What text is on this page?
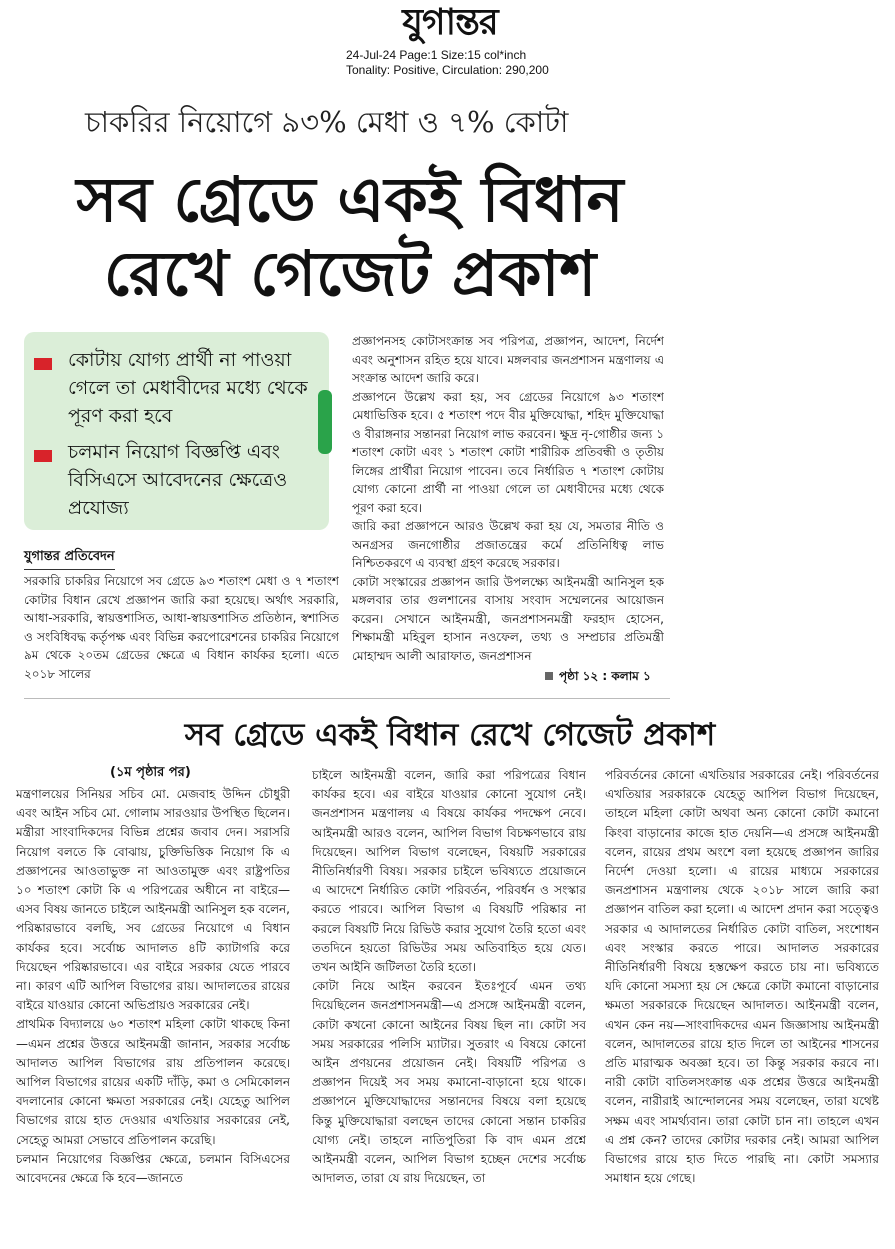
যুগান্তর
24-Jul-24 Page:1 Size:15 col*inch
Tonality: Positive, Circulation: 290,200
চাকরির নিয়োগে ৯৩% মেধা ও ৭% কোটা
সব গ্রেডে একই বিধান
রেখে গেজেট প্রকাশ
কোটায় যোগ্য প্রার্থী না পাওয়া গেলে তা মেধাবীদের মধ্যে থেকে পূরণ করা হবে
চলমান নিয়োগ বিজ্ঞপ্তি এবং বিসিএসে আবেদনের ক্ষেত্রেও প্রযোজ্য
যুগান্তর প্রতিবেদন

সরকারি চাকরির নিয়োগে সব গ্রেডে ৯৩ শতাংশ মেধা ও ৭ শতাংশ কোটার বিধান রেখে প্রজ্ঞাপন জারি করা হয়েছে। অর্থাৎ সরকারি, আধা-সরকারি, স্বায়ত্তশাসিত, আধা-স্বায়ত্তশাসিত প্রতিষ্ঠান, স্বশাসিত ও সংবিধিবদ্ধ কর্তৃপক্ষ এবং বিভিন্ন করপোরেশনের চাকরির নিয়োগে ৯ম থেকে ২০তম গ্রেডের ক্ষেত্রে এ বিধান কার্যকর হলো। এতে ২০১৮ সালের

প্রজ্ঞাপনসহ কোটাসংক্রান্ত সব পরিপত্র, প্রজ্ঞাপন, আদেশ, নির্দেশ এবং অনুশাসন রহিত হয়ে যাবে। মঙ্গলবার জনপ্রশাসন মন্ত্রণালয় এ সংক্রান্ত আদেশ জারি করে।

প্রজ্ঞাপনে উল্লেখ করা হয়, সব গ্রেডের নিয়োগে ৯৩ শতাংশ মেধাভিত্তিক হবে। ৫ শতাংশ পদে বীর মুক্তিযোদ্ধা, শহিদ মুক্তিযোদ্ধা ও বীরাঙ্গনার সন্তানরা নিয়োগ লাভ করবেন। ক্ষুদ্র নৃ-গোষ্ঠীর জন্য ১ শতাংশ কোটা এবং ১ শতাংশ কোটা শারীরিক প্রতিবন্ধী ও তৃতীয় লিঙ্গের প্রার্থীরা নিয়োগ পাবেন। তবে নির্ধারিত ৭ শতাংশ কোটায় যোগ্য কোনো প্রার্থী না পাওয়া গেলে তা মেধাবীদের মধ্যে থেকে পূরণ করা হবে।

জারি করা প্রজ্ঞাপনে আরও উল্লেখ করা হয় যে, সমতার নীতি ও অনগ্রসর জনগোষ্ঠীর প্রজাতন্ত্রের কর্মে প্রতিনিধিত্ব লাভ নিশ্চিতকরণে এ ব্যবস্থা গ্রহণ করেছে সরকার।

কোটা সংস্কারের প্রজ্ঞাপন জারি উপলক্ষ্যে আইনমন্ত্রী আনিসুল হক মঙ্গলবার তার গুলশানের বাসায় সংবাদ সম্মেলনের আয়োজন করেন। সেখানে আইনমন্ত্রী, জনপ্রশাসনমন্ত্রী ফরহাদ হোসেন, শিক্ষামন্ত্রী মহিবুল হাসান নওফেল, তথ্য ও সম্প্রচার প্রতিমন্ত্রী মোহাম্মদ আলী আরাফাত, জনপ্রশাসন

পৃষ্ঠা ১২ : কলাম ১
সব গ্রেডে একই বিধান রেখে গেজেট প্রকাশ
(১ম পৃষ্ঠার পর)

মন্ত্রণালয়ের সিনিয়র সচিব মো. মেজবাহ উদ্দিন চৌধুরী এবং আইন সচিব মো. গোলাম সারওয়ার উপস্থিত ছিলেন। মন্ত্রীরা সাংবাদিকদের বিভিন্ন প্রশ্নের জবাব দেন। সরাসরি নিয়োগ বলতে কি বোঝায়, চুক্তিভিত্তিক নিয়োগ কি এ প্রজ্ঞাপনের আওতাভুক্ত না আওতামুক্ত এবং রাষ্ট্রপতির ১০ শতাংশ কোটা কি এ পরিপত্রের অধীনে না বাইরে—এসব বিষয় জানতে চাইলে আইনমন্ত্রী আনিসুল হক বলেন, পরিষ্কারভাবে বলছি, সব গ্রেডের নিয়োগে এ বিধান কার্যকর হবে। সর্বোচ্চ আদালত ৪টি ক্যাটাগরি করে দিয়েছেন পরিষ্কারভাবে। এর বাইরে সরকার যেতে পারবে না। কারণ এটি আপিল বিভাগের রায়। আদালতের রায়ের বাইরে যাওয়ার কোনো অভিপ্রায়ও সরকারের নেই।

প্রাথমিক বিদ্যালয়ে ৬০ শতাংশ মহিলা কোটা থাকছে কিনা—এমন প্রশ্নের উত্তরে আইনমন্ত্রী জানান, সরকার সর্বোচ্চ আদালত আপিল বিভাগের রায় প্রতিপালন করেছে। আপিল বিভাগের রায়ের একটি দাঁড়ি, কমা ও সেমিকোলন বদলানোর কোনো ক্ষমতা সরকারের নেই। যেহেতু আপিল বিভাগের রায়ে হাত দেওয়ার এখতিয়ার সরকারের নেই, সেহেতু আমরা সেভাবে প্রতিপালন করেছি।

চলমান নিয়োগের বিজ্ঞপ্তির ক্ষেত্রে, চলমান বিসিএসের আবেদনের ক্ষেত্রে কি হবে—জানতে

চাইলে আইনমন্ত্রী বলেন, জারি করা পরিপত্রের বিধান কার্যকর হবে। এর বাইরে যাওয়ার কোনো সুযোগ নেই। জনপ্রশাসন মন্ত্রণালয় এ বিষয়ে কার্যকর পদক্ষেপ নেবে। আইনমন্ত্রী আরও বলেন, আপিল বিভাগ বিচক্ষণভাবে রায় দিয়েছেন। আপিল বিভাগ বলেছেন, বিষয়টি সরকারের নীতিনির্ধারণী বিষয়। সরকার চাইলে ভবিষ্যতে প্রয়োজনে এ আদেশে নির্ধারিত কোটা পরিবর্তন, পরিবর্ধন ও সংস্কার করতে পারবে। আপিল বিভাগ এ বিষয়টি পরিষ্কার না করলে বিষয়টি নিয়ে রিভিউ করার সুযোগ তৈরি হতো এবং ততদিনে হয়তো রিভিউর সময় অতিবাহিত হয়ে যেত। তখন আইনি জটিলতা তৈরি হতো।

কোটা নিয়ে আইন করবেন ইতঃপূর্বে এমন তথ্য দিয়েছিলেন জনপ্রশাসনমন্ত্রী—এ প্রসঙ্গে আইনমন্ত্রী বলেন, কোটা কখনো কোনো আইনের বিষয় ছিল না। কোটা সব সময় সরকারের পলিসি ম্যাটার। সুতরাং এ বিষয়ে কোনো আইন প্রণয়নের প্রয়োজন নেই। বিষয়টি পরিপত্র ও প্রজ্ঞাপন দিয়েই সব সময় কমানো-বাড়ানো হয়ে থাকে। প্রজ্ঞাপনে মুক্তিযোদ্ধাদের সন্তানদের বিষয়ে বলা হয়েছে কিন্তু মুক্তিযোদ্ধারা বলছেন তাদের কোনো সন্তান চাকরির যোগ্য নেই। তাহলে নাতিপুতিরা কি বাদ এমন প্রশ্নে আইনমন্ত্রী বলেন, আপিল বিভাগ হচ্ছেন দেশের সর্বোচ্চ আদালত, তারা যে রায় দিয়েছেন, তা

পরিবর্তনের কোনো এখতিয়ার সরকারের নেই। পরিবর্তনের এখতিয়ার সরকারকে যেহেতু আপিল বিভাগ দিয়েছেন, তাহলে মহিলা কোটা অথবা অন্য কোনো কোটা কমানো কিংবা বাড়ানোর কাজে হাত দেয়নি—এ প্রসঙ্গে আইনমন্ত্রী বলেন, রায়ের প্রথম অংশে বলা হয়েছে প্রজ্ঞাপন জারির নির্দেশ দেওয়া হলো। এ রায়ের মাধ্যমে সরকারের জনপ্রশাসন মন্ত্রণালয় থেকে ২০১৮ সালে জারি করা প্রজ্ঞাপন বাতিল করা হলো। এ আদেশ প্রদান করা সত্ত্বেও সরকার এ আদালতের নির্ধারিত কোটা বাতিল, সংশোধন এবং সংস্কার করতে পারে। আদালত সরকারের নীতিনির্ধারণী বিষয়ে হস্তক্ষেপ করতে চায় না। ভবিষ্যতে যদি কোনো সমস্যা হয় সে ক্ষেত্রে কোটা কমানো বাড়ানোর ক্ষমতা সরকারকে দিয়েছেন আদালত। আইনমন্ত্রী বলেন, এখন কেন নয়—সাংবাদিকদের এমন জিজ্ঞাসায় আইনমন্ত্রী বলেন, আদালতের রায়ে হাত দিলে তা আইনের শাসনের প্রতি মারাত্মক অবজ্ঞা হবে। তা কিন্তু সরকার করবে না। নারী কোটা বাতিলসংক্রান্ত এক প্রশ্নের উত্তরে আইনমন্ত্রী বলেন, নারীরাই আন্দোলনের সময় বলেছেন, তারা যথেষ্ট সক্ষম এবং সামর্থ্যবান। তারা কোটা চান না। তাহলে এখন এ প্রশ্ন কেন? তাদের কোটার দরকার নেই। আমরা আপিল বিভাগের রায়ে হাত দিতে পারছি না। কোটা সমস্যার সমাধান হয়ে গেছে।
